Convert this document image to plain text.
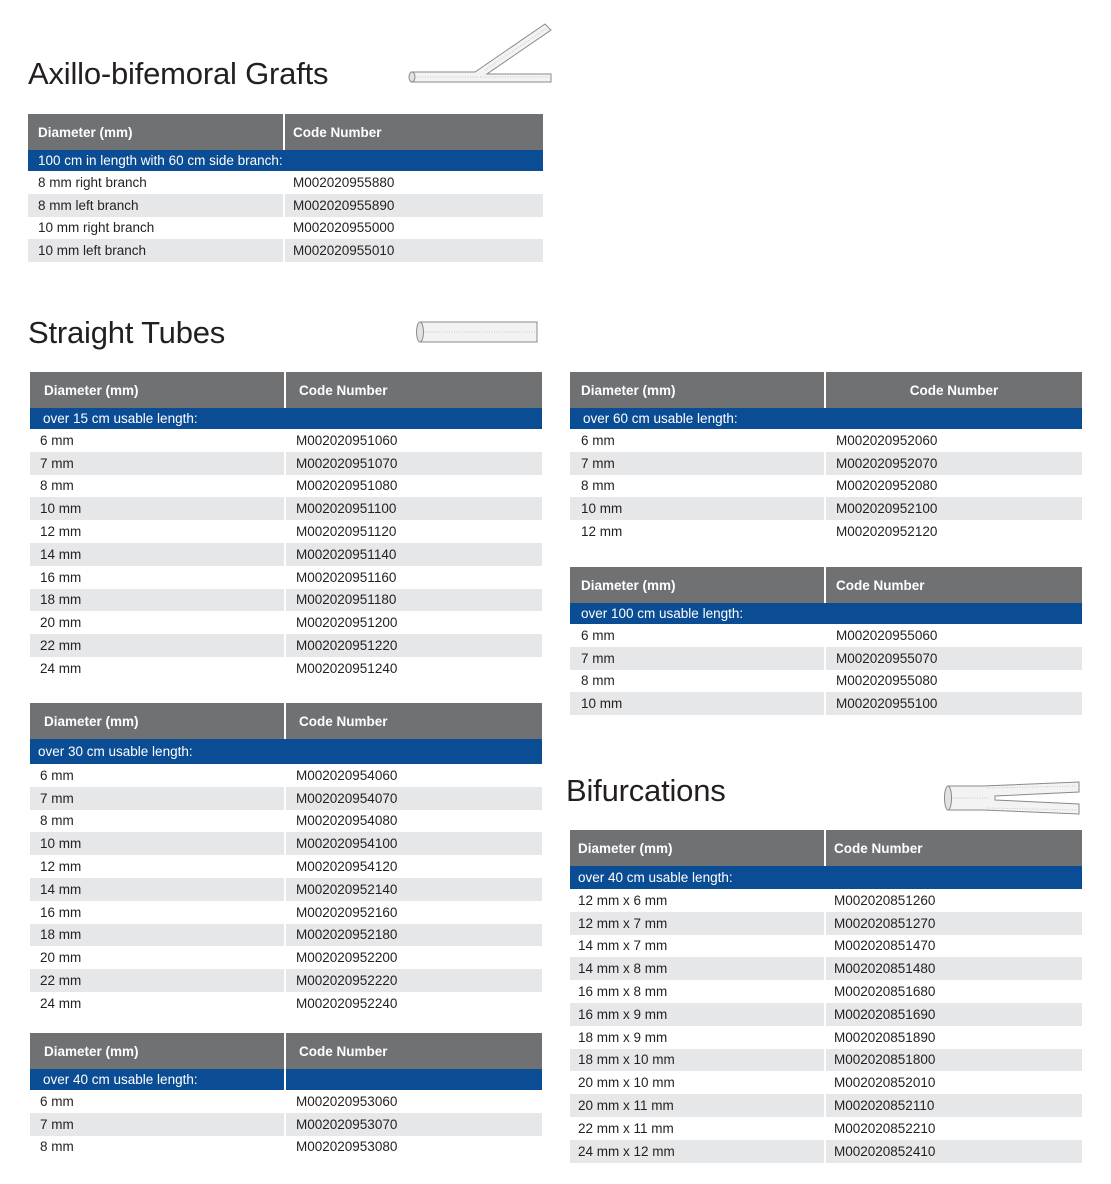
Axillo-bifemoral Grafts
Diameter (mm)	Code Number
100 cm in length with 60 cm side branch:
8 mm right branch	M002020955880
8 mm left branch	M002020955890
10 mm right branch	M002020955000
10 mm left branch	M002020955010
Straight Tubes
Diameter (mm)	Code Number
over 15 cm usable length:
6 mm	M002020951060
7 mm	M002020951070
8 mm	M002020951080
10 mm	M002020951100
12 mm	M002020951120
14 mm	M002020951140
16 mm	M002020951160
18 mm	M002020951180
20 mm	M002020951200
22 mm	M002020951220
24 mm	M002020951240
Diameter (mm)	Code Number
over 30 cm usable length:
6 mm	M002020954060
7 mm	M002020954070
8 mm	M002020954080
10 mm	M002020954100
12 mm	M002020954120
14 mm	M002020952140
16 mm	M002020952160
18 mm	M002020952180
20 mm	M002020952200
22 mm	M002020952220
24 mm	M002020952240
Diameter (mm)	Code Number
over 40 cm usable length:
6 mm	M002020953060
7 mm	M002020953070
8 mm	M002020953080
Diameter (mm)	Code Number
over 60 cm usable length:
6 mm	M002020952060
7 mm	M002020952070
8 mm	M002020952080
10 mm	M002020952100
12 mm	M002020952120
Diameter (mm)	Code Number
over 100 cm usable length:
6 mm	M002020955060
7 mm	M002020955070
8 mm	M002020955080
10 mm	M002020955100
Bifurcations
Diameter (mm)	Code Number
over 40 cm usable length:
12 mm x 6 mm	M002020851260
12 mm x 7 mm	M002020851270
14 mm x 7 mm	M002020851470
14 mm x 8 mm	M002020851480
16 mm x 8 mm	M002020851680
16 mm x 9 mm	M002020851690
18 mm x 9 mm	M002020851890
18 mm x 10 mm	M002020851800
20 mm x 10 mm	M002020852010
20 mm x 11 mm	M002020852110
22 mm x 11 mm	M002020852210
24 mm x 12 mm	M002020852410
